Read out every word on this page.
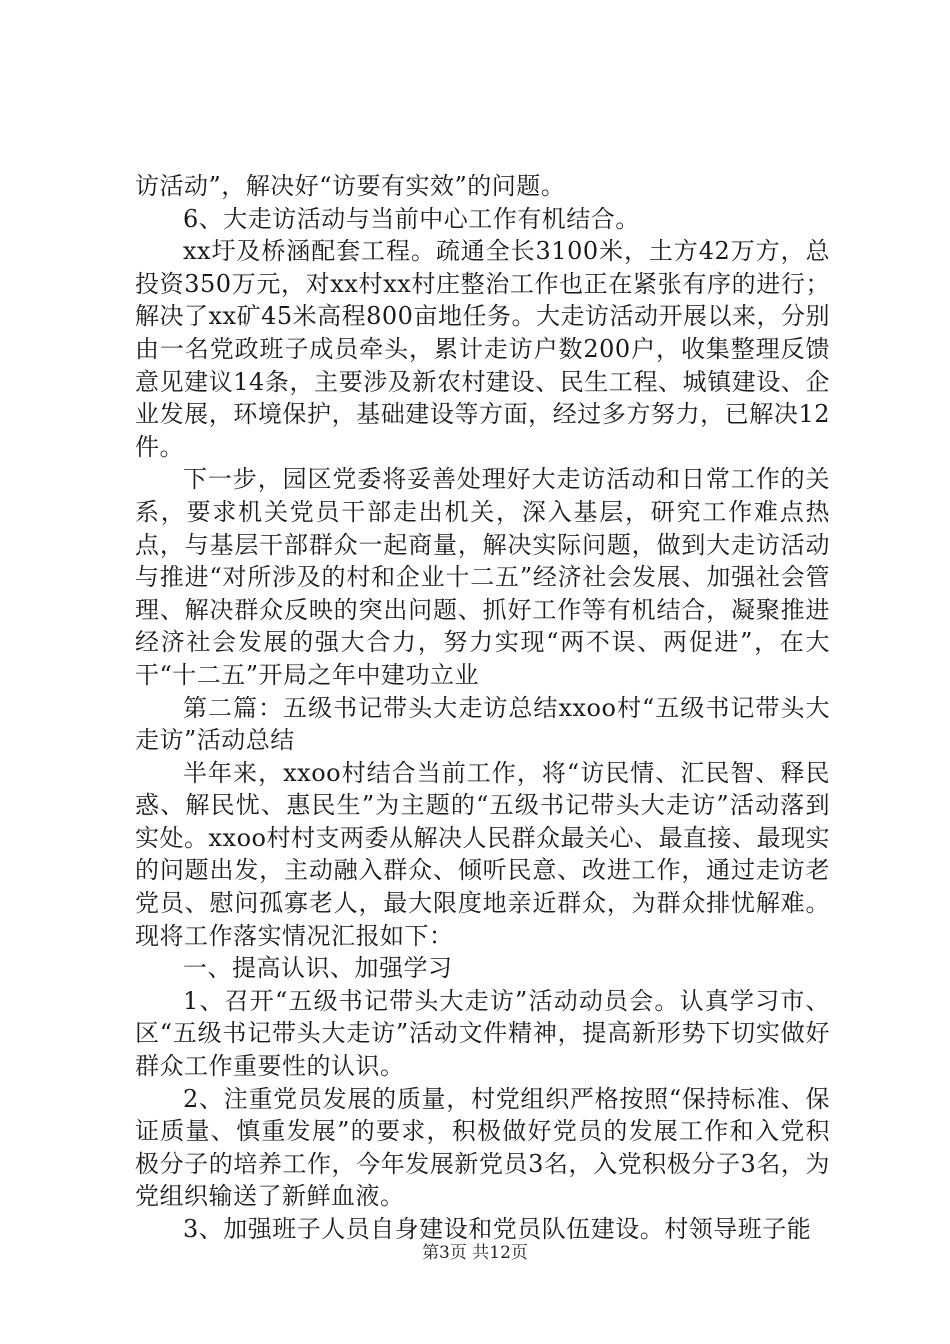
访活动”，解决好“访要有实效”的问题。

6、大走访活动与当前中心工作有机结合。

xx圩及桥涵配套工程。疏通全长3100米，土方42万方，总投资350万元，对xx村xx村庄整治工作也正在紧张有序的进行；解决了xx矿45米高程800亩地任务。大走访活动开展以来，分别由一名党政班子成员牵头，累计走访户数200户，收集整理反馈意见建议14条，主要涉及新农村建设、民生工程、城镇建设、企业发展，环境保护，基础建设等方面，经过多方努力，已解决12件。

下一步，园区党委将妥善处理好大走访活动和日常工作的关系，要求机关党员干部走出机关，深入基层，研究工作难点热点，与基层干部群众一起商量，解决实际问题，做到大走访活动与推进“对所涉及的村和企业十二五”经济社会发展、加强社会管理、解决群众反映的突出问题、抓好工作等有机结合，凝聚推进经济社会发展的强大合力，努力实现“两不误、两促进”，在大干“十二五”开局之年中建功立业

第二篇：五级书记带头大走访总结xxoo村“五级书记带头大走访”活动总结

半年来，xxoo村结合当前工作，将“访民情、汇民智、释民惑、解民忧、惠民生”为主题的“五级书记带头大走访”活动落到实处。xxoo村村支两委从解决人民群众最关心、最直接、最现实的问题出发，主动融入群众、倾听民意、改进工作，通过走访老党员、慰问孤寡老人，最大限度地亲近群众，为群众排忧解难。现将工作落实情况汇报如下：

一、提高认识、加强学习

1、召开“五级书记带头大走访”活动动员会。认真学习市、区“五级书记带头大走访”活动文件精神，提高新形势下切实做好群众工作重要性的认识。

2、注重党员发展的质量，村党组织严格按照“保持标准、保证质量、慎重发展”的要求，积极做好党员的发展工作和入党积极分子的培养工作，今年发展新党员3名，入党积极分子3名，为党组织输送了新鲜血液。

3、加强班子人员自身建设和党员队伍建设。村领导班子能

第3页 共12页
